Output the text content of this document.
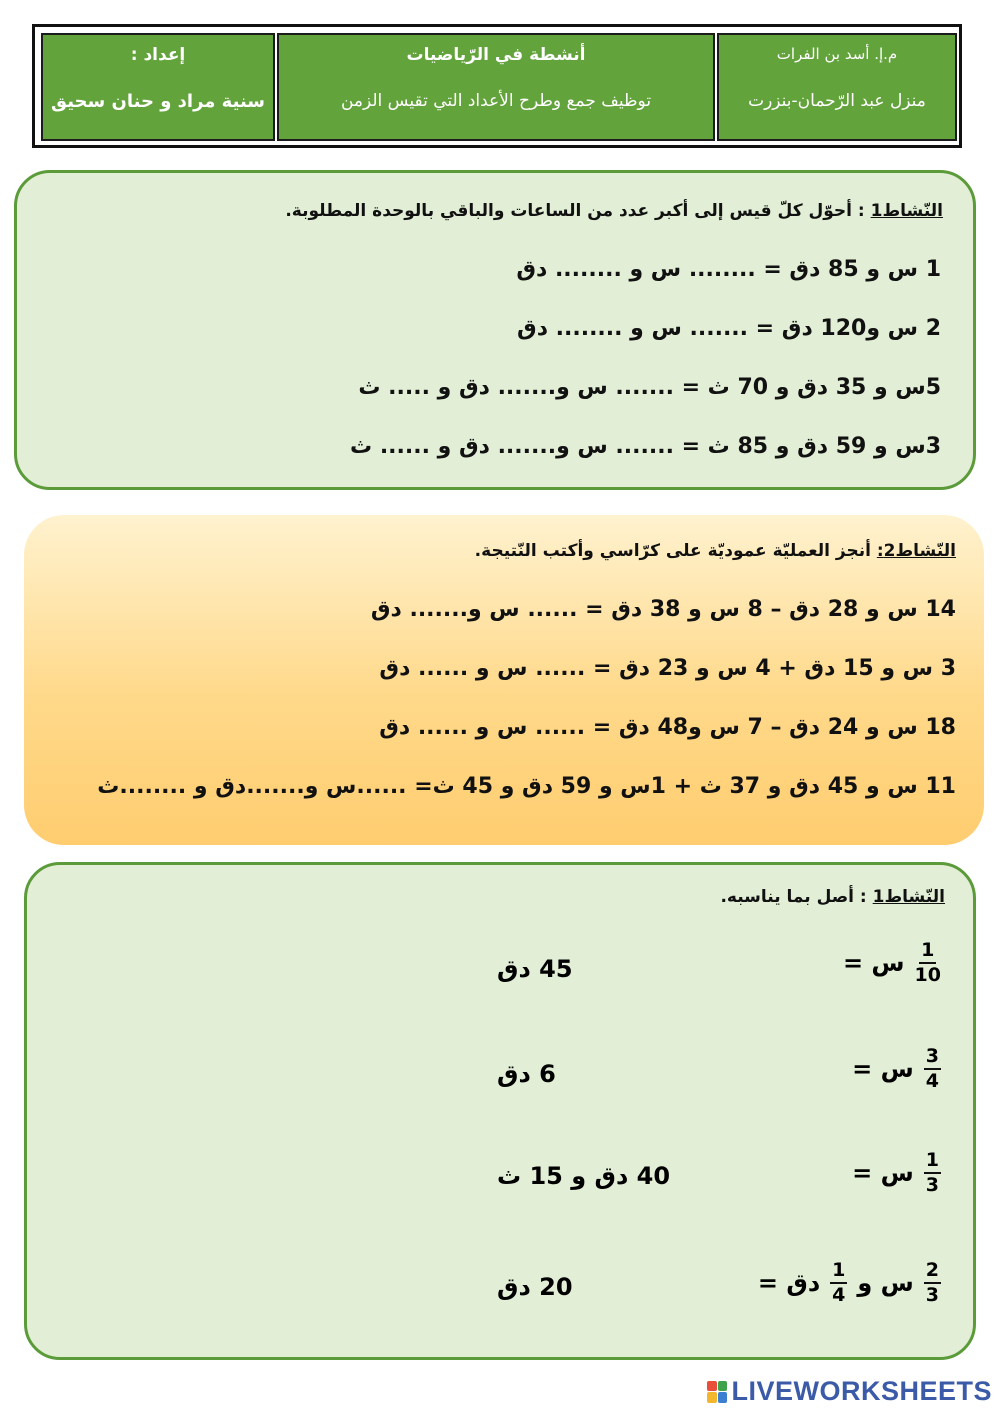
م.إ. أسد بن الفرات
منزل عبد الرّحمان-بنزرت
أنشطة في الرّياضيات
توظيف جمع وطرح الأعداد التي تقيس الزمن
إعداد :
سنية مراد و حنان سحيق
النّشاط1 : أحوّل كلّ قيس إلى أكبر عدد من الساعات والباقي بالوحدة المطلوبة.
1 س و 85 دق = ........ س و ........ دق
2 س و120 دق = ....... س و ........ دق
5س و 35 دق و 70 ث = ....... س و....... دق و ..... ث
3س و 59 دق و 85 ث = ....... س و....... دق و ...... ث
النّشاط2: أنجز العمليّة عموديّة على كرّاسي وأكتب النّتيجة.
14 س و 28 دق – 8 س و 38 دق = ...... س و....... دق
3 س و 15 دق + 4 س و 23 دق = ...... س و ...... دق
18 س و 24 دق – 7 س و48 دق = ...... س و ...... دق
11 س و 45 دق و 37 ث + 1س و 59 دق و 45 ث= ......س و.......دق و ........ث
النّشاط1 : أصل بما يناسبه.
45 دق
6 دق
40 دق و 15 ث
20 دق
$\frac{1}{10}$
س =
$\frac{3}{4}$
س =
$\frac{1}{3}$
س =
$\frac{2}{3}$
س و
$\frac{1}{4}$
دق =
LIVEWORKSHEETS
